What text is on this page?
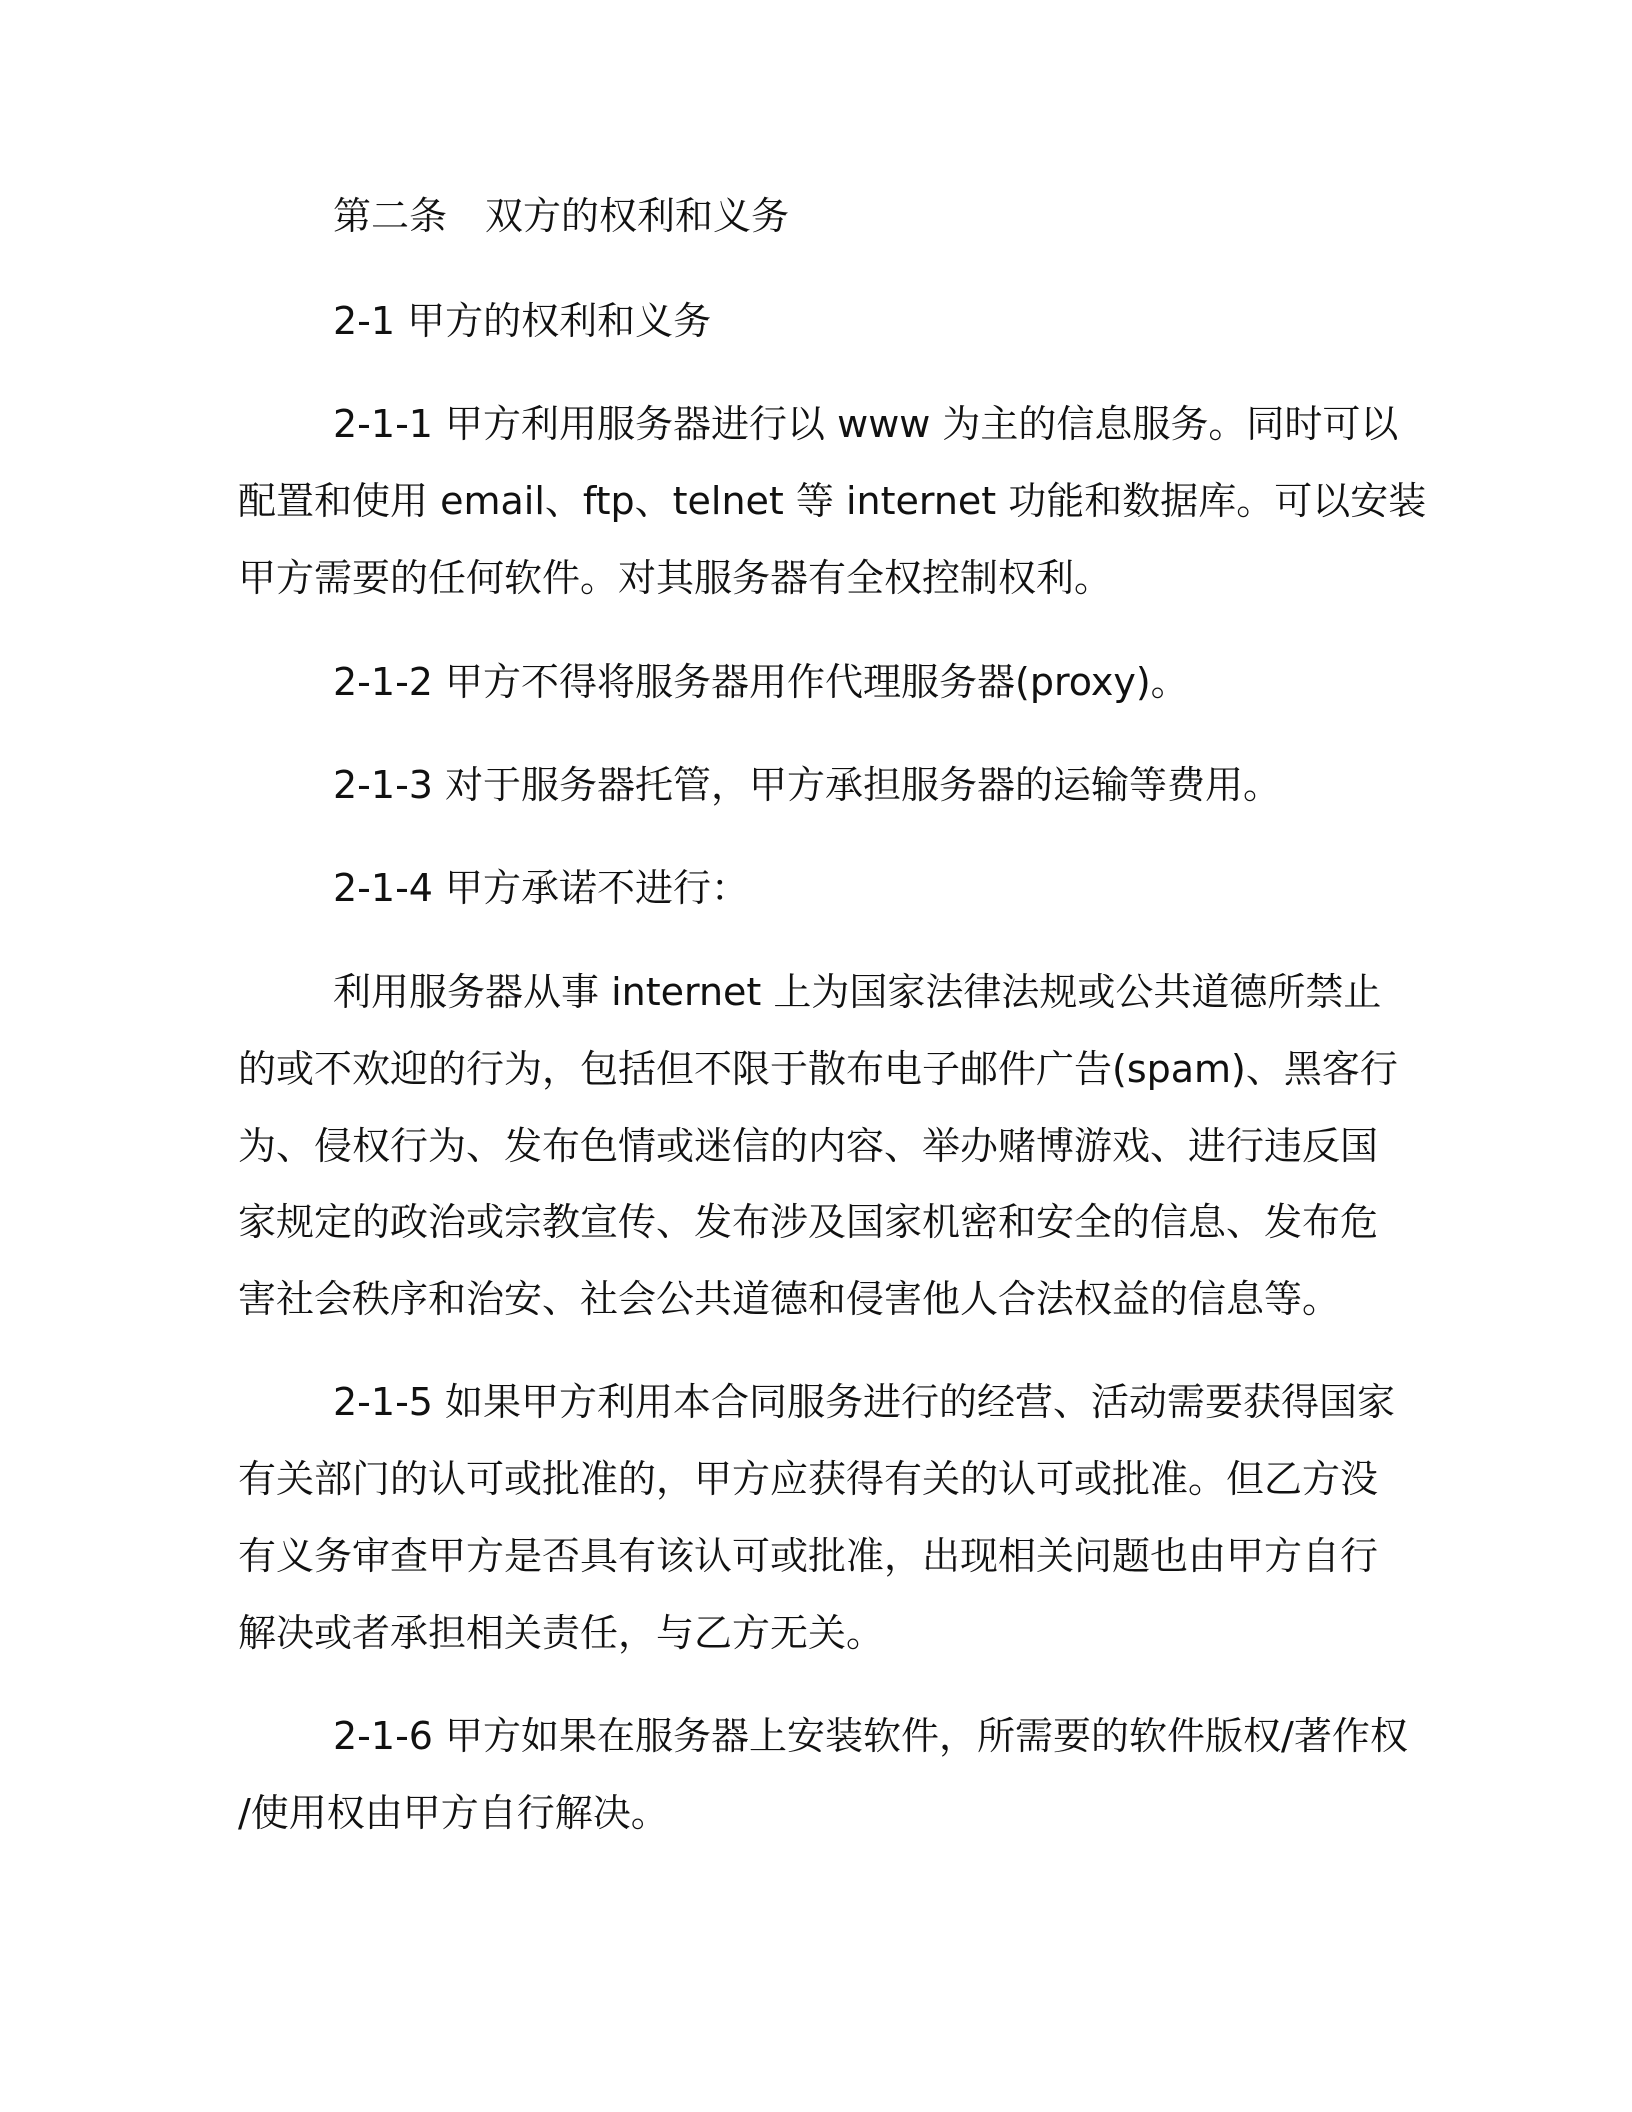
第二条　双方的权利和义务

2-1 甲方的权利和义务

2-1-1 甲方利用服务器进行以 www 为主的信息服务。同时可以

配置和使用 email、ftp、telnet 等 internet 功能和数据库。可以安装

甲方需要的任何软件。对其服务器有全权控制权利。

2-1-2 甲方不得将服务器用作代理服务器(proxy)。

2-1-3 对于服务器托管，甲方承担服务器的运输等费用。

2-1-4 甲方承诺不进行：

利用服务器从事 internet 上为国家法律法规或公共道德所禁止

的或不欢迎的行为，包括但不限于散布电子邮件广告(spam)、黑客行

为、侵权行为、发布色情或迷信的内容、举办赌博游戏、进行违反国

家规定的政治或宗教宣传、发布涉及国家机密和安全的信息、发布危

害社会秩序和治安、社会公共道德和侵害他人合法权益的信息等。

2-1-5 如果甲方利用本合同服务进行的经营、活动需要获得国家

有关部门的认可或批准的，甲方应获得有关的认可或批准。但乙方没

有义务审查甲方是否具有该认可或批准，出现相关问题也由甲方自行

解决或者承担相关责任，与乙方无关。

2-1-6 甲方如果在服务器上安装软件，所需要的软件版权/著作权

/使用权由甲方自行解决。
